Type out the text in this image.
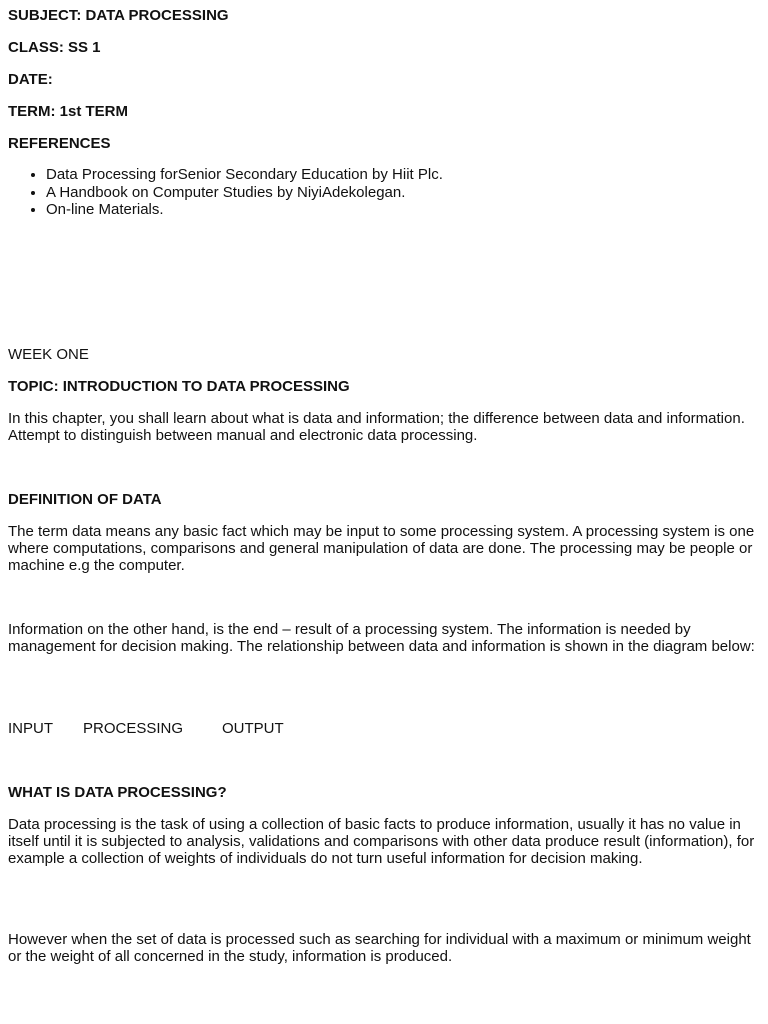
SUBJECT: DATA PROCESSING
CLASS: SS 1
DATE:
TERM: 1st TERM
REFERENCES
• Data Processing forSenior Secondary Education by Hiit Plc.
• A Handbook on Computer Studies by NiyiAdekolegan.
• On-line Materials.
WEEK ONE
TOPIC: INTRODUCTION TO DATA PROCESSING
In this chapter, you shall learn about what is data and information; the difference between data and information. Attempt to distinguish between manual and electronic data processing.
DEFINITION OF DATA
The term data means any basic fact which may be input to some processing system. A processing system is one where computations, comparisons and general manipulation of data are done. The processing may be people or machine e.g the computer.
Information on the other hand, is the end – result of a processing system. The information is needed by management for decision making. The relationship between data and information is shown in the diagram below:
INPUT PROCESSING	OUTPUT
WHAT IS DATA PROCESSING?
Data processing is the task of using a collection of basic facts to produce information, usually it has no value in itself until it is subjected to analysis, validations and comparisons with other data produce result (information), for example a collection of weights of individuals do not turn useful information for decision making.
However when the set of data is processed such as searching for individual with a maximum or minimum weight or the weight of all concerned in the study, information is produced.
